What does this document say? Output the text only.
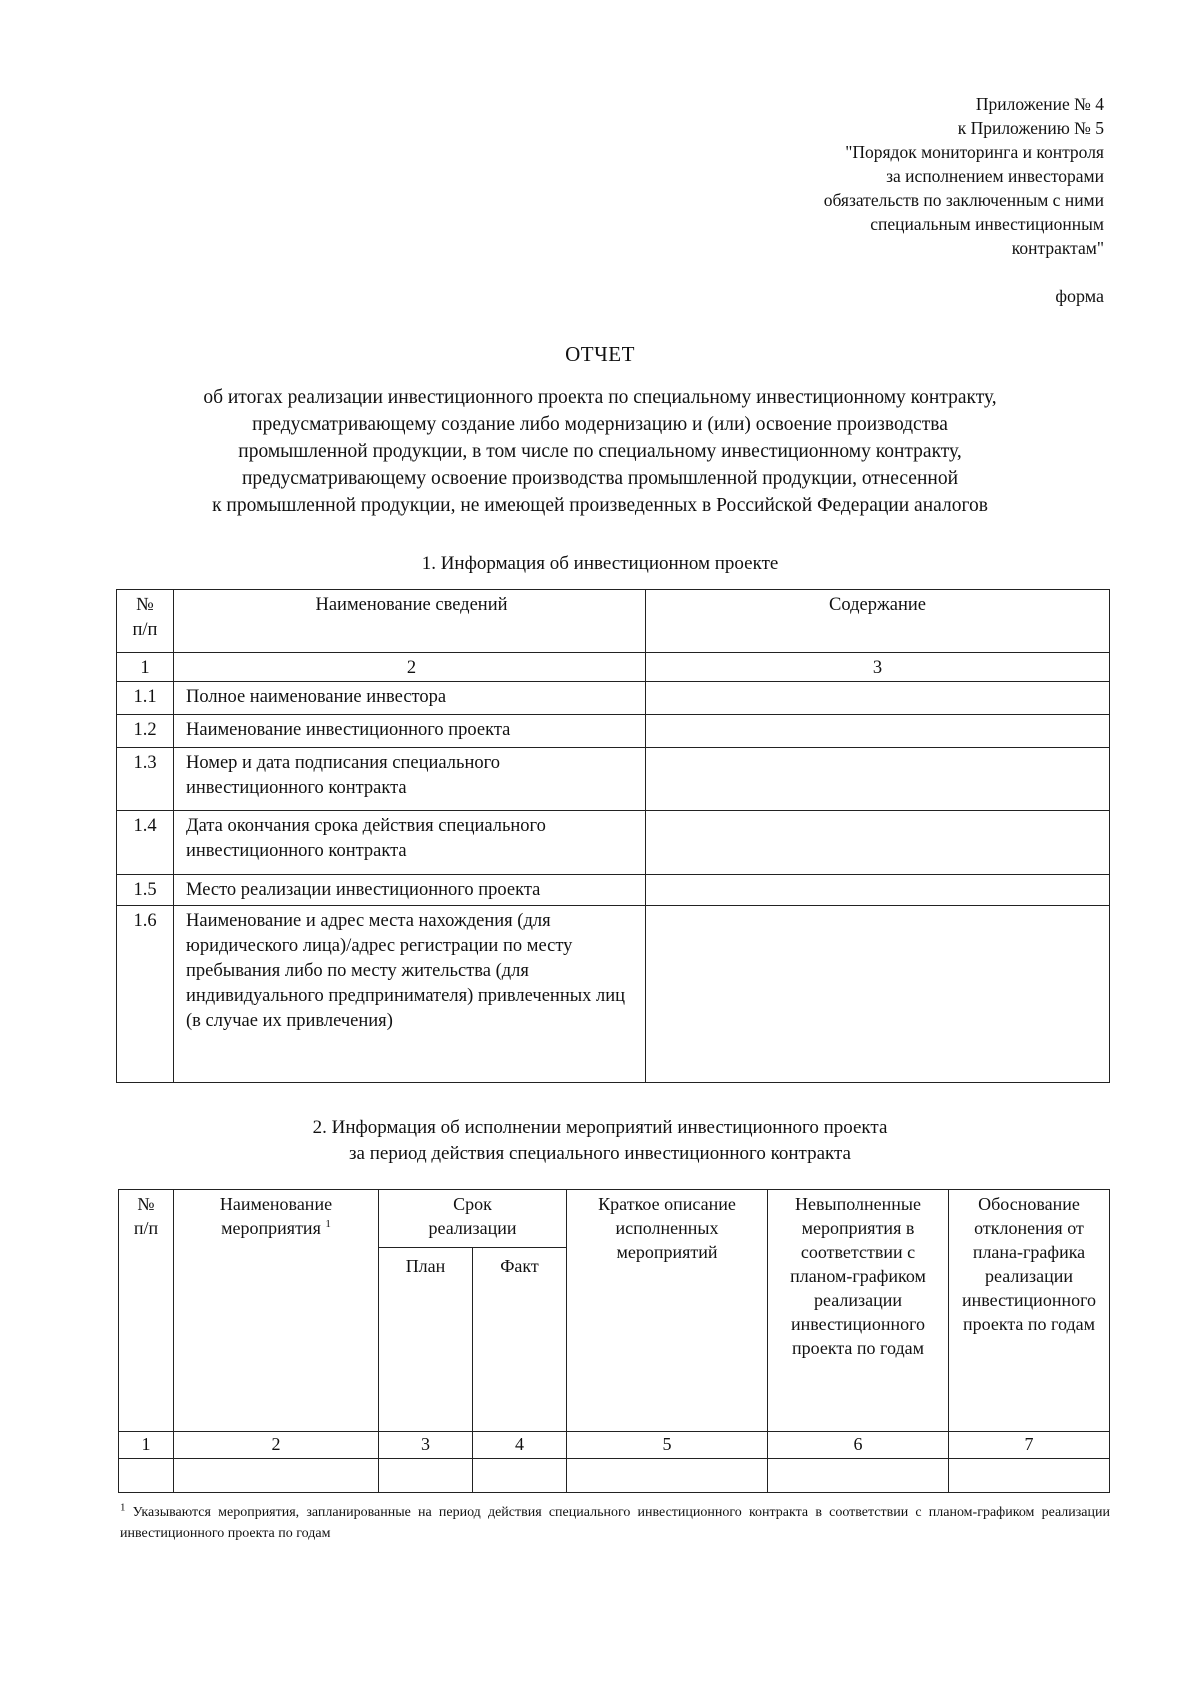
Приложение № 4
к Приложению № 5
"Порядок мониторинга и контроля
за исполнением инвесторами
обязательств по заключенным с ними
специальным инвестиционным
контрактам"
форма
ОТЧЕТ
об итогах реализации инвестиционного проекта по специальному инвестиционному контракту,
предусматривающему создание либо модернизацию и (или) освоение производства
промышленной продукции, в том числе по специальному инвестиционному контракту,
предусматривающему освоение производства промышленной продукции, отнесенной
к промышленной продукции, не имеющей произведенных в Российской Федерации аналогов
1. Информация об инвестиционном проекте
№
п/п	Наименование сведений	Содержание
1	2	3
1.1	Полное наименование инвестора	
1.2	Наименование инвестиционного проекта	
1.3	Номер и дата подписания специального инвестиционного контракта	
1.4	Дата окончания срока действия специального инвестиционного контракта	
1.5	Место реализации инвестиционного проекта	
1.6	Наименование и адрес места нахождения (для юридического лица)/адрес регистрации по месту пребывания либо по месту жительства (для индивидуального предпринимателя) привлеченных лиц (в случае их привлечения)	
2. Информация об исполнении мероприятий инвестиционного проекта
за период действия специального инвестиционного контракта
№
п/п	Наименование мероприятия $^1$	Срок реализации		Краткое описание исполненных мероприятий	Невыполненные мероприятия в соответствии с планом-графиком реализации инвестиционного проекта по годам	Обоснование отклонения от плана-графика реализации инвестиционного проекта по годам
		План	Факт			
1	2	3	4	5	6	7

$^1$ Указываются мероприятия, запланированные на период действия специального инвестиционного контракта в соответствии с планом-графиком реализации инвестиционного проекта по годам
